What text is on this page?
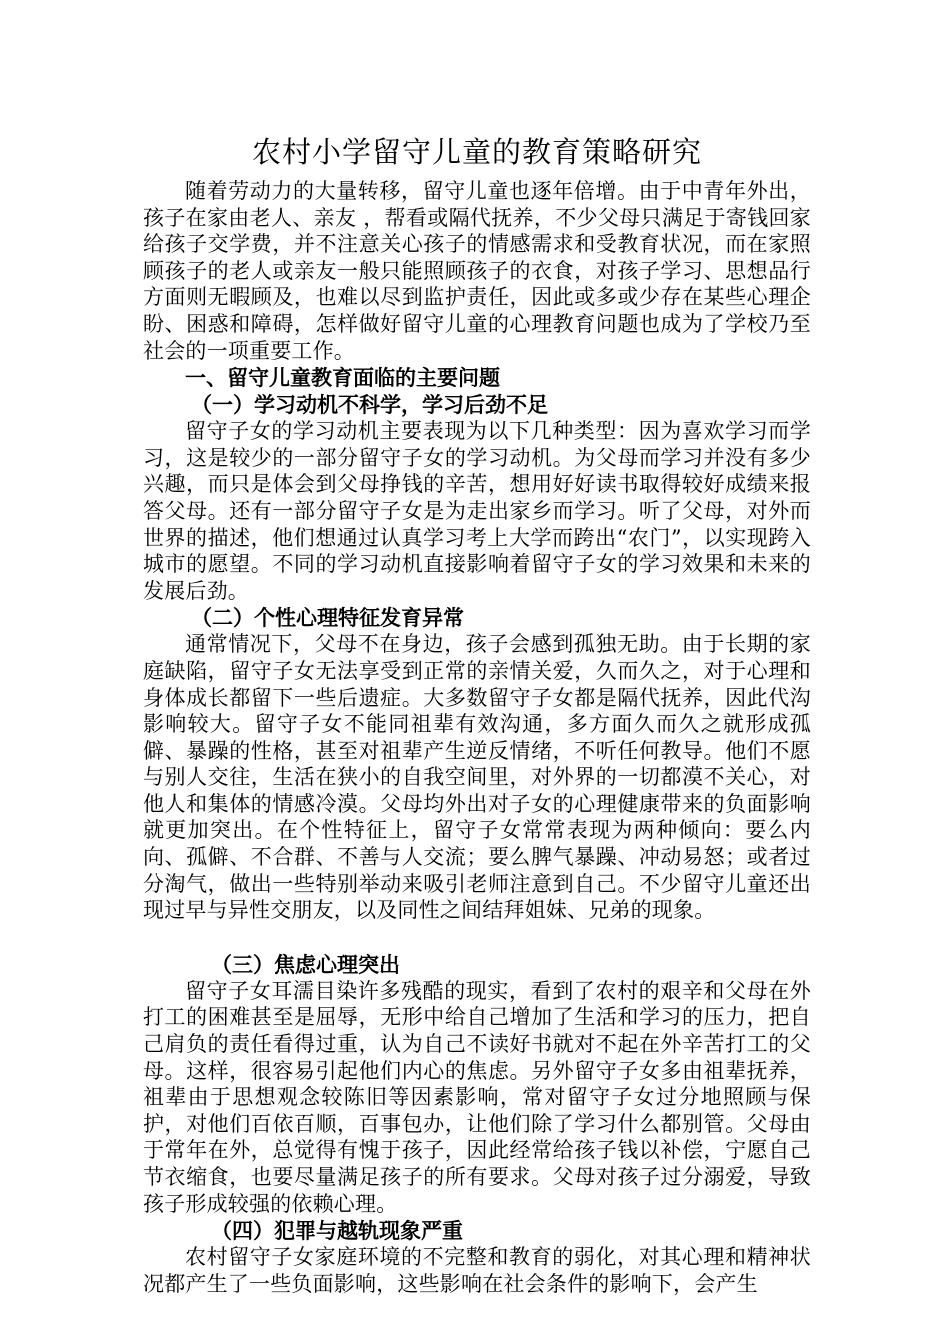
农村小学留守儿童的教育策略研究

随着劳动力的大量转移，留守儿童也逐年倍增。由于中青年外出，孩子在家由老人、亲友 ，帮看或隔代抚养，不少父母只满足于寄钱回家给孩子交学费，并不注意关心孩子的情感需求和受教育状况，而在家照顾孩子的老人或亲友一般只能照顾孩子的衣食，对孩子学习、思想品行方面则无暇顾及，也难以尽到监护责任，因此或多或少存在某些心理企盼、困惑和障碍，怎样做好留守儿童的心理教育问题也成为了学校乃至社会的一项重要工作。

一、留守儿童教育面临的主要问题
（一）学习动机不科学，学习后劲不足

留守子女的学习动机主要表现为以下几种类型：因为喜欢学习而学习，这是较少的一部分留守子女的学习动机。为父母而学习并没有多少兴趣，而只是体会到父母挣钱的辛苦，想用好好读书取得较好成绩来报答父母。还有一部分留守子女是为走出家乡而学习。听了父母，对外而世界的描述，他们想通过认真学习考上大学而跨出“农门”，以实现跨入城市的愿望。不同的学习动机直接影响着留守子女的学习效果和未来的发展后劲。

（二）个性心理特征发育异常

通常情况下，父母不在身边，孩子会感到孤独无助。由于长期的家庭缺陷，留守子女无法享受到正常的亲情关爱，久而久之，对于心理和身体成长都留下一些后遗症。大多数留守子女都是隔代抚养，因此代沟影响较大。留守子女不能同祖辈有效沟通，多方面久而久之就形成孤僻、暴躁的性格，甚至对祖辈产生逆反情绪，不听任何教导。他们不愿与别人交往，生活在狭小的自我空间里，对外界的一切都漠不关心，对他人和集体的情感冷漠。父母均外出对子女的心理健康带来的负面影响就更加突出。在个性特征上，留守子女常常表现为两种倾向：要么内向、孤僻、不合群、不善与人交流；要么脾气暴躁、冲动易怒；或者过分淘气，做出一些特别举动来吸引老师注意到自己。不少留守儿童还出现过早与异性交朋友，以及同性之间结拜姐妹、兄弟的现象。

（三）焦虑心理突出

留守子女耳濡目染许多残酷的现实，看到了农村的艰辛和父母在外打工的困难甚至是屈辱，无形中给自己增加了生活和学习的压力，把自己肩负的责任看得过重，认为自己不读好书就对不起在外辛苦打工的父母。这样，很容易引起他们内心的焦虑。另外留守子女多由祖辈抚养，祖辈由于思想观念较陈旧等因素影响，常对留守子女过分地照顾与保护，对他们百依百顺，百事包办，让他们除了学习什么都别管。父母由于常年在外，总觉得有愧于孩子，因此经常给孩子钱以补偿，宁愿自己节衣缩食，也要尽量满足孩子的所有要求。父母对孩子过分溺爱，导致孩子形成较强的依赖心理。

（四）犯罪与越轨现象严重

农村留守子女家庭环境的不完整和教育的弱化，对其心理和精神状况都产生了一些负面影响，这些影响在社会条件的影响下，会产生
